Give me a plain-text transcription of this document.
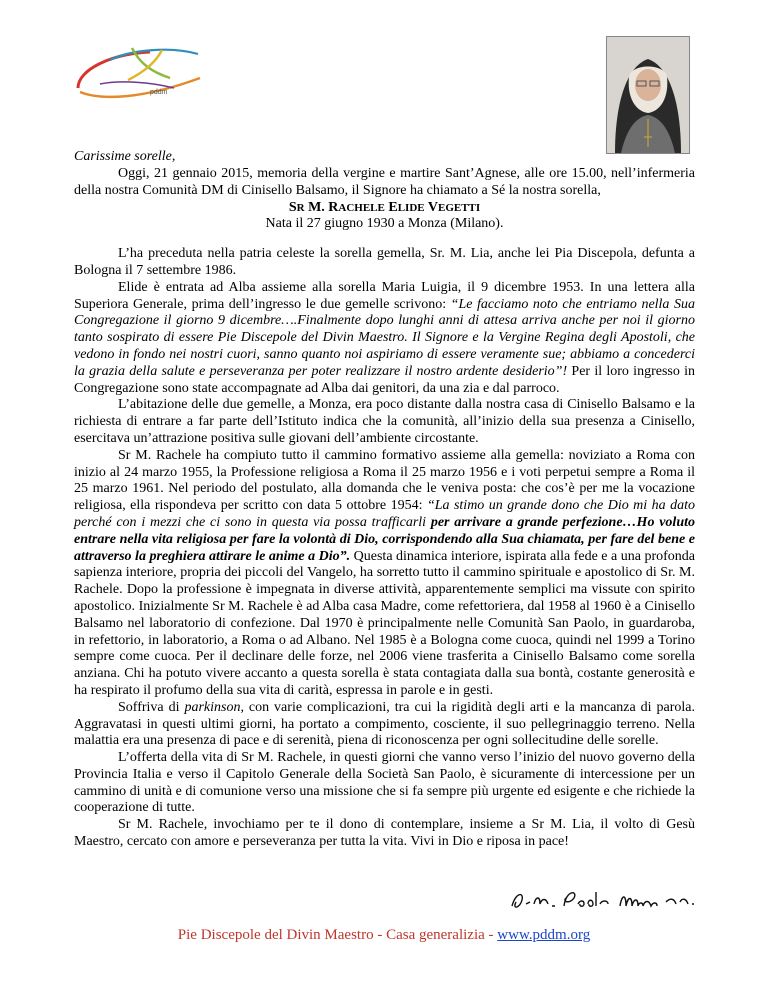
pddm
Carissime sorelle,

Oggi, 21 gennaio 2015, memoria della vergine e martire Sant’Agnese, alle ore 15.00, nell’infermeria della nostra Comunità DM di Cinisello Balsamo, il Signore ha chiamato a Sé la nostra sorella,

SR M. RACHELE ELIDE VEGETTI

Nata il 27 giugno 1930 a Monza (Milano).

L’ha preceduta nella patria celeste la sorella gemella, Sr. M. Lia, anche lei Pia Discepola, defunta a Bologna il 7 settembre 1986.

Elide è entrata ad Alba assieme alla sorella Maria Luigia, il 9 dicembre 1953. In una lettera alla Superiora Generale, prima dell’ingresso le due gemelle scrivono: “Le facciamo noto che entriamo nella Sua Congregazione il giorno 9 dicembre….Finalmente dopo lunghi anni di attesa arriva anche per noi il giorno tanto sospirato di essere Pie Discepole del Divin Maestro. Il Signore e la Vergine Regina degli Apostoli, che vedono in fondo nei nostri cuori, sanno quanto noi aspiriamo di essere veramente sue; abbiamo a concederci la grazia della salute e perseveranza per poter realizzare il nostro ardente desiderio”! Per il loro ingresso in Congregazione sono state accompagnate ad Alba dai genitori, da una zia e dal parroco.

L’abitazione delle due gemelle, a Monza, era poco distante dalla nostra casa di Cinisello Balsamo e la richiesta di entrare a far parte dell’Istituto indica che la comunità, all’inizio della sua presenza a Cinisello, esercitava un’attrazione positiva sulle giovani dell’ambiente circostante.

Sr M. Rachele ha compiuto tutto il cammino formativo assieme alla gemella: noviziato a Roma con inizio al 24 marzo 1955, la Professione religiosa a Roma il 25 marzo 1956 e i voti perpetui sempre a Roma il 25 marzo 1961. Nel periodo del postulato, alla domanda che le veniva posta: che cos’è per me la vocazione religiosa, ella rispondeva per scritto con data 5 ottobre 1954: “La stimo un grande dono che Dio mi ha dato perché con i mezzi che ci sono in questa via possa trafficarli per arrivare a grande perfezione…Ho voluto entrare nella vita religiosa per fare la volontà di Dio, corrispondendo alla Sua chiamata, per fare del bene e attraverso la preghiera attirare le anime a Dio”. Questa dinamica interiore, ispirata alla fede e a una profonda sapienza interiore, propria dei piccoli del Vangelo, ha sorretto tutto il cammino spirituale e apostolico di Sr. M. Rachele. Dopo la professione è impegnata in diverse attività, apparentemente semplici ma vissute con spirito apostolico. Inizialmente Sr M. Rachele è ad Alba casa Madre, come refettoriera, dal 1958 al 1960 è a Cinisello Balsamo nel laboratorio di confezione. Dal 1970 è principalmente nelle Comunità San Paolo, in guardaroba, in refettorio, in laboratorio, a Roma o ad Albano. Nel 1985 è a Bologna come cuoca, quindi nel 1999 a Torino sempre come cuoca. Per il declinare delle forze, nel 2006 viene trasferita a Cinisello Balsamo come sorella anziana. Chi ha potuto vivere accanto a questa sorella è stata contagiata dalla sua bontà, costante generosità e ha respirato il profumo della sua vita di carità, espressa in parole e in gesti.

Soffriva di parkinson, con varie complicazioni, tra cui la rigidità degli arti e la mancanza di parola. Aggravatasi in questi ultimi giorni, ha portato a compimento, cosciente, il suo pellegrinaggio terreno. Nella malattia era una presenza di pace e di serenità, piena di riconoscenza per ogni sollecitudine delle sorelle.

L’offerta della vita di Sr M. Rachele, in questi giorni che vanno verso l’inizio del nuovo governo della Provincia Italia e verso il Capitolo Generale della Società San Paolo, è sicuramente di intercessione per un cammino di unità e di comunione verso una missione che si fa sempre più urgente ed esigente e che richiede la cooperazione di tutte.

Sr M. Rachele, invochiamo per te il dono di contemplare, insieme a Sr M. Lia, il volto di Gesù Maestro, cercato con amore e perseveranza per tutta la vita. Vivi in Dio e riposa in pace!

Pie Discepole del Divin Maestro - Casa generalizia - www.pddm.org
